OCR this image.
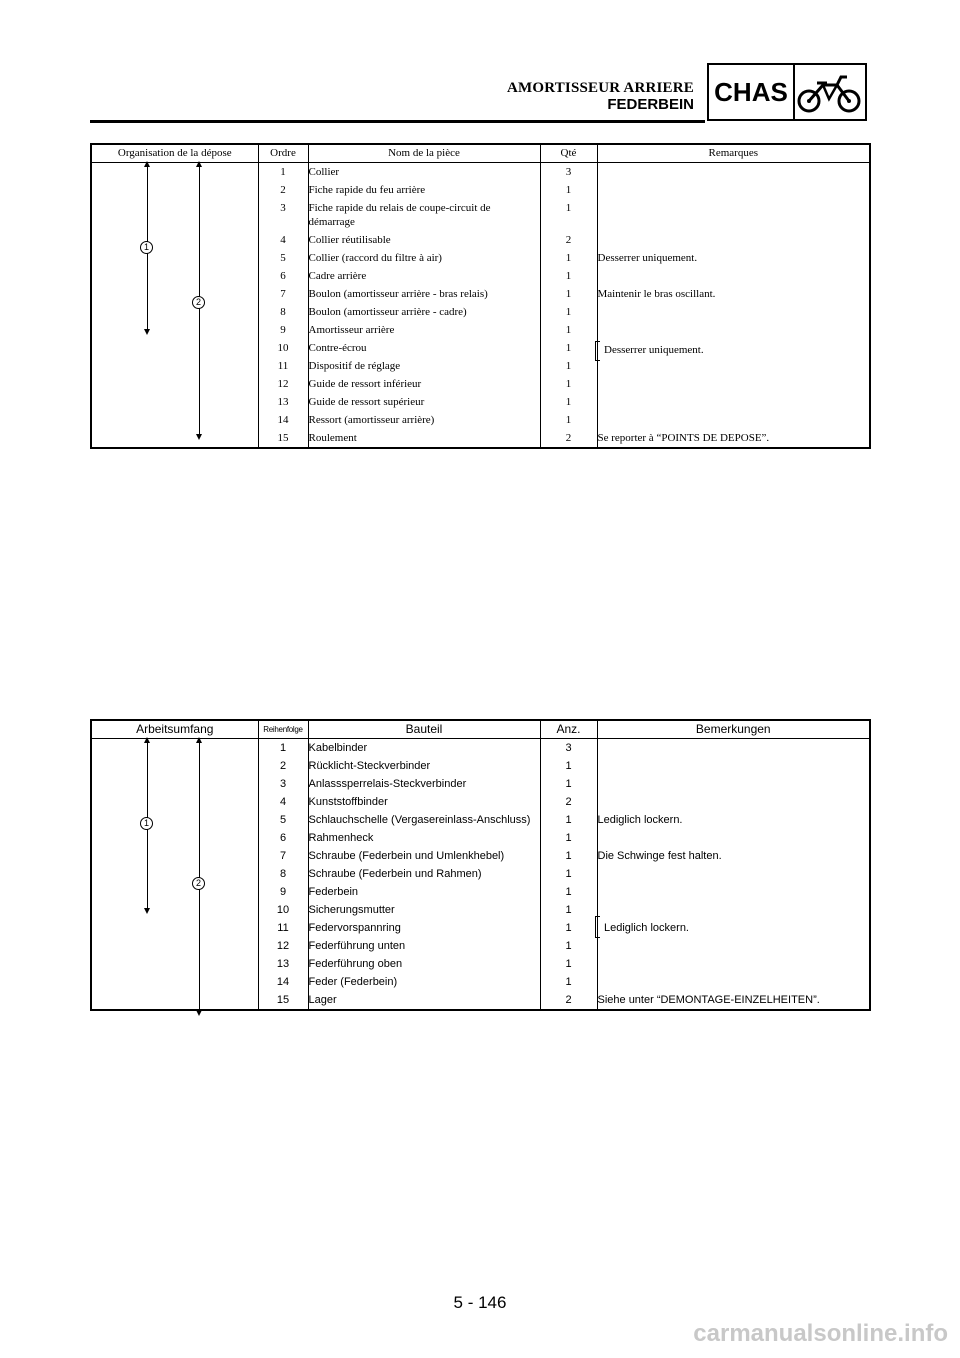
AMORTISSEUR ARRIERE
FEDERBEIN CHAS
Organisation de la dépose	Ordre	Nom de la pièce	Qté	Remarques
	1	Collier	3	
	2	Fiche rapide du feu arrière	1	
	3	Fiche rapide du relais de coupe-circuit de démarrage	1	
	4	Collier réutilisable	2	
	5	Collier (raccord du filtre à air)	1	Desserrer uniquement.
	6	Cadre arrière	1	
	7	Boulon (amortisseur arrière - bras relais)	1	Maintenir le bras oscillant.
	8	Boulon (amortisseur arrière - cadre)	1	
	9	Amortisseur arrière	1	
	10	Contre-écrou	1	
	11	Dispositif de réglage	1	
	12	Guide de ressort inférieur	1	
	13	Guide de ressort supérieur	1	
	14	Ressort (amortisseur arrière)	1	
	15	Roulement	2	Se reporter à “POINTS DE DEPOSE”.
Desserrer uniquement.
1
2
Arbeitsumfang	Reihenfolge	Bauteil	Anz.	Bemerkungen
	1	Kabelbinder	3	
	2	Rücklicht-Steckverbinder	1	
	3	Anlasssperrelais-Steckverbinder	1	
	4	Kunststoffbinder	2	
	5	Schlauchschelle (Vergasereinlass-Anschluss)	1	Lediglich lockern.
	6	Rahmenheck	1	
	7	Schraube (Federbein und Umlenkhebel)	1	Die Schwinge fest halten.
	8	Schraube (Federbein und Rahmen)	1	
	9	Federbein	1	
	10	Sicherungsmutter	1	
	11	Federvorspannring	1	
	12	Federführung unten	1	
	13	Federführung oben	1	
	14	Feder (Federbein)	1	
	15	Lager	2	Siehe unter “DEMONTAGE-EINZELHEITEN”.
Lediglich lockern.
1
2
5 - 146
carmanualsonline.info
